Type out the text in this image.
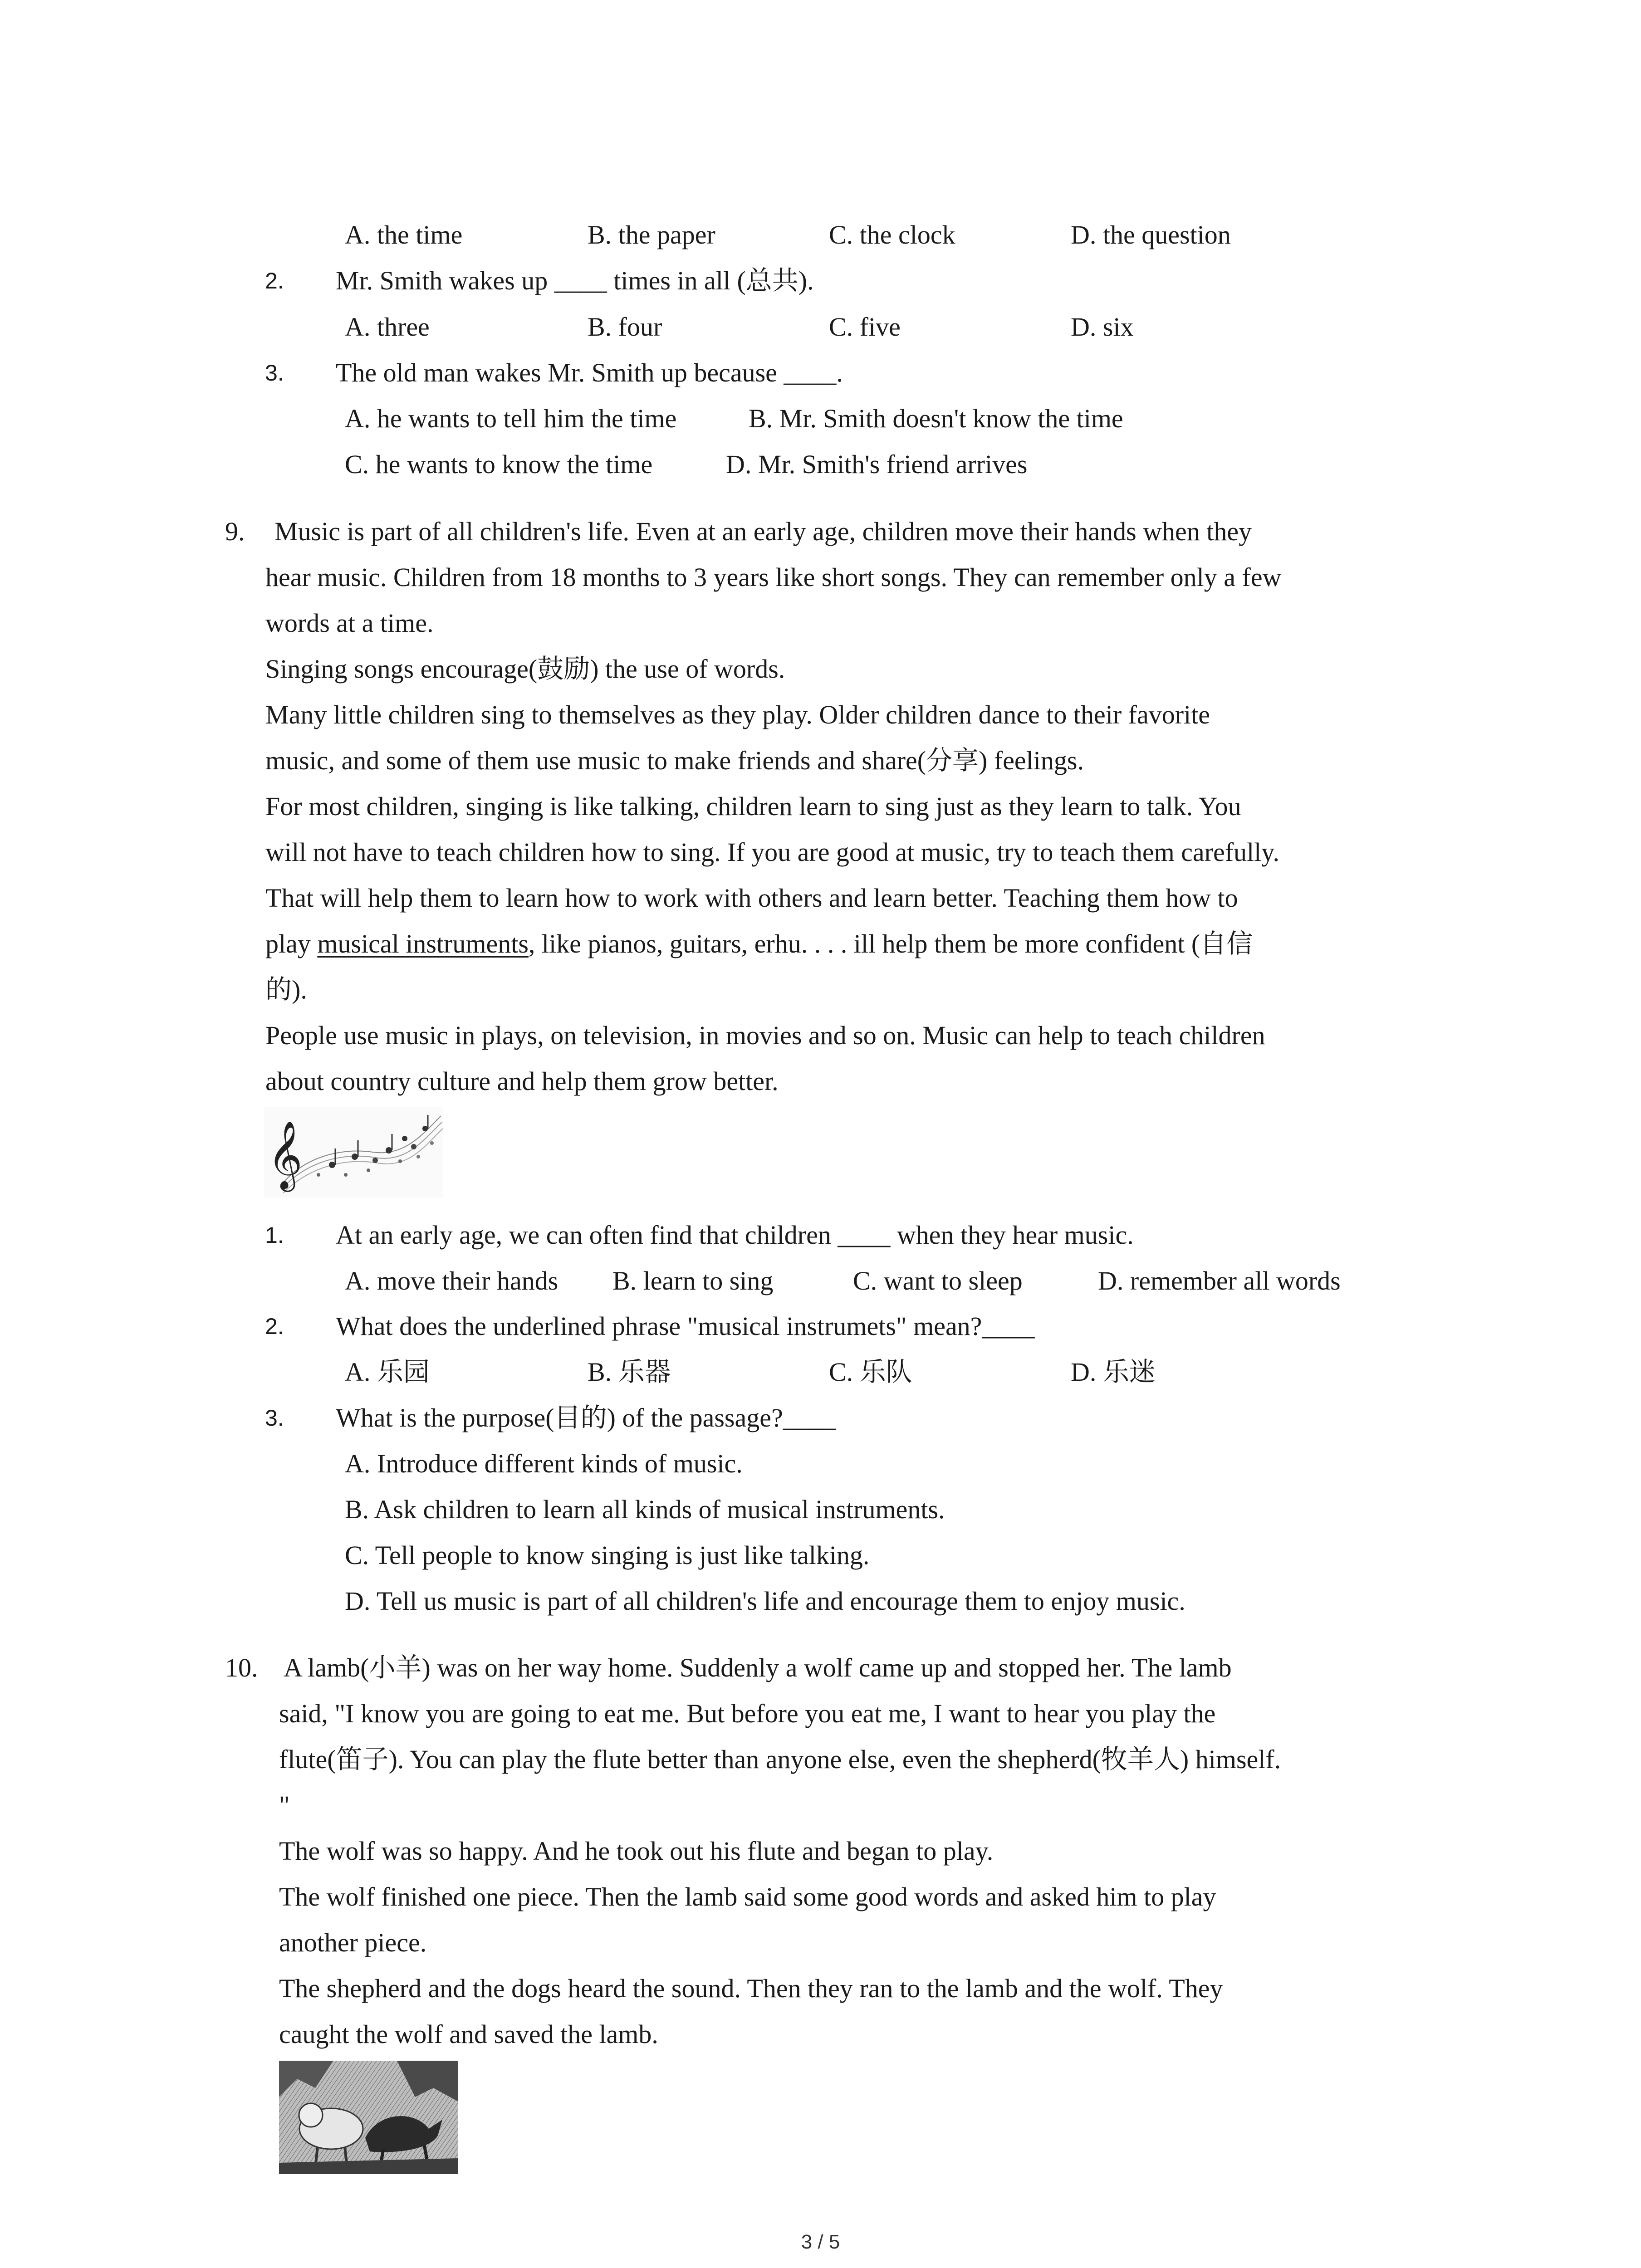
A. the time	B. the paper	C. the clock	D. the question
2. Mr. Smith wakes up ____ times in all (总共).
A. three	B. four	C. five	D. six
3. The old man wakes Mr. Smith up because ____.
A. he wants to tell him the time	B. Mr. Smith doesn't know the time
C. he wants to know the time	D. Mr. Smith's friend arrives
9. Music is part of all children's life. Even at an early age, children move their hands when they
hear music. Children from 18 months to 3 years like short songs. They can remember only a few
words at a time.
Singing songs encourage(鼓励) the use of words.
Many little children sing to themselves as they play. Older children dance to their favorite
music, and some of them use music to make friends and share(分享) feelings.
For most children, singing is like talking, children learn to sing just as they learn to talk. You
will not have to teach children how to sing. If you are good at music, try to teach them carefully.
That will help them to learn how to work with others and learn better. Teaching them how to
play musical instruments, like pianos, guitars, erhu. . . . ill help them be more confident (自信
的).
People use music in plays, on television, in movies and so on. Music can help to teach children
about country culture and help them grow better.
𝄞
1. At an early age, we can often find that children ____ when they hear music.
A. move their hands B. learn to sing	C. want to sleep	D. remember all words
2. What does the underlined phrase "musical instrumets" mean?____
A. 乐园	B. 乐器	C. 乐队	D. 乐迷
3. What is the purpose(目的) of the passage?____
A. Introduce different kinds of music.
B. Ask children to learn all kinds of musical instruments.
C. Tell people to know singing is just like talking.
D. Tell us music is part of all children's life and encourage them to enjoy music.
10. A lamb(小羊) was on her way home. Suddenly a wolf came up and stopped her. The lamb
said, "I know you are going to eat me. But before you eat me, I want to hear you play the
flute(笛子). You can play the flute better than anyone else, even the shepherd(牧羊人) himself.
"
The wolf was so happy. And he took out his flute and began to play.
The wolf finished one piece. Then the lamb said some good words and asked him to play
another piece.
The shepherd and the dogs heard the sound. Then they ran to the lamb and the wolf. They
caught the wolf and saved the lamb.
3 / 5
